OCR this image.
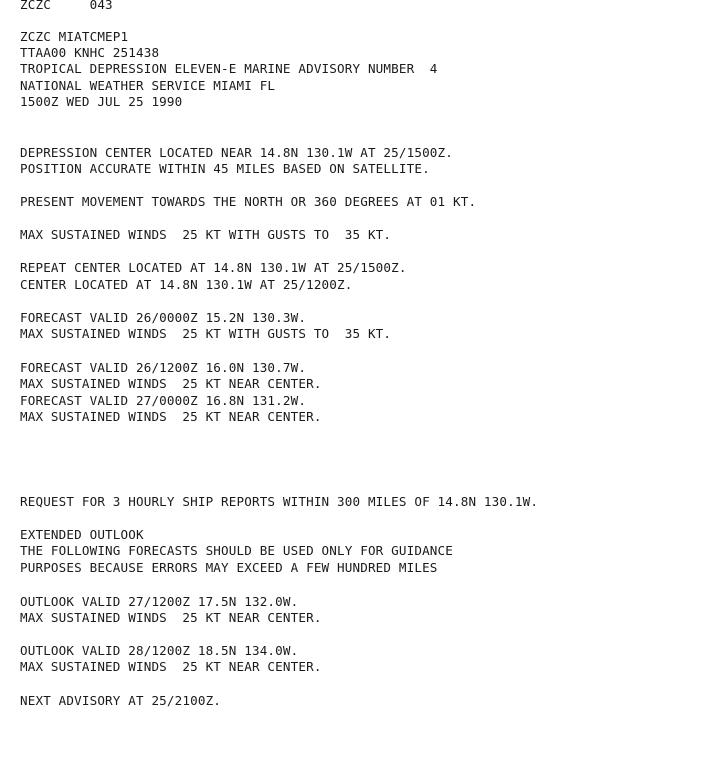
ZCZC     043
ZCZC MIATCMEP1
TTAA00 KNHC 251438
TROPICAL DEPRESSION ELEVEN-E MARINE ADVISORY NUMBER  4
NATIONAL WEATHER SERVICE MIAMI FL
1500Z WED JUL 25 1990
DEPRESSION CENTER LOCATED NEAR 14.8N 130.1W AT 25/1500Z.
POSITION ACCURATE WITHIN 45 MILES BASED ON SATELLITE.
PRESENT MOVEMENT TOWARDS THE NORTH OR 360 DEGREES AT 01 KT.
MAX SUSTAINED WINDS  25 KT WITH GUSTS TO  35 KT.
REPEAT CENTER LOCATED AT 14.8N 130.1W AT 25/1500Z.
CENTER LOCATED AT 14.8N 130.1W AT 25/1200Z.
FORECAST VALID 26/0000Z 15.2N 130.3W.
MAX SUSTAINED WINDS  25 KT WITH GUSTS TO  35 KT.
FORECAST VALID 26/1200Z 16.0N 130.7W.
MAX SUSTAINED WINDS  25 KT NEAR CENTER.
FORECAST VALID 27/0000Z 16.8N 131.2W.
MAX SUSTAINED WINDS  25 KT NEAR CENTER.
REQUEST FOR 3 HOURLY SHIP REPORTS WITHIN 300 MILES OF 14.8N 130.1W.
EXTENDED OUTLOOK
THE FOLLOWING FORECASTS SHOULD BE USED ONLY FOR GUIDANCE
PURPOSES BECAUSE ERRORS MAY EXCEED A FEW HUNDRED MILES
OUTLOOK VALID 27/1200Z 17.5N 132.0W.
MAX SUSTAINED WINDS  25 KT NEAR CENTER.
OUTLOOK VALID 28/1200Z 18.5N 134.0W.
MAX SUSTAINED WINDS  25 KT NEAR CENTER.
NEXT ADVISORY AT 25/2100Z.
